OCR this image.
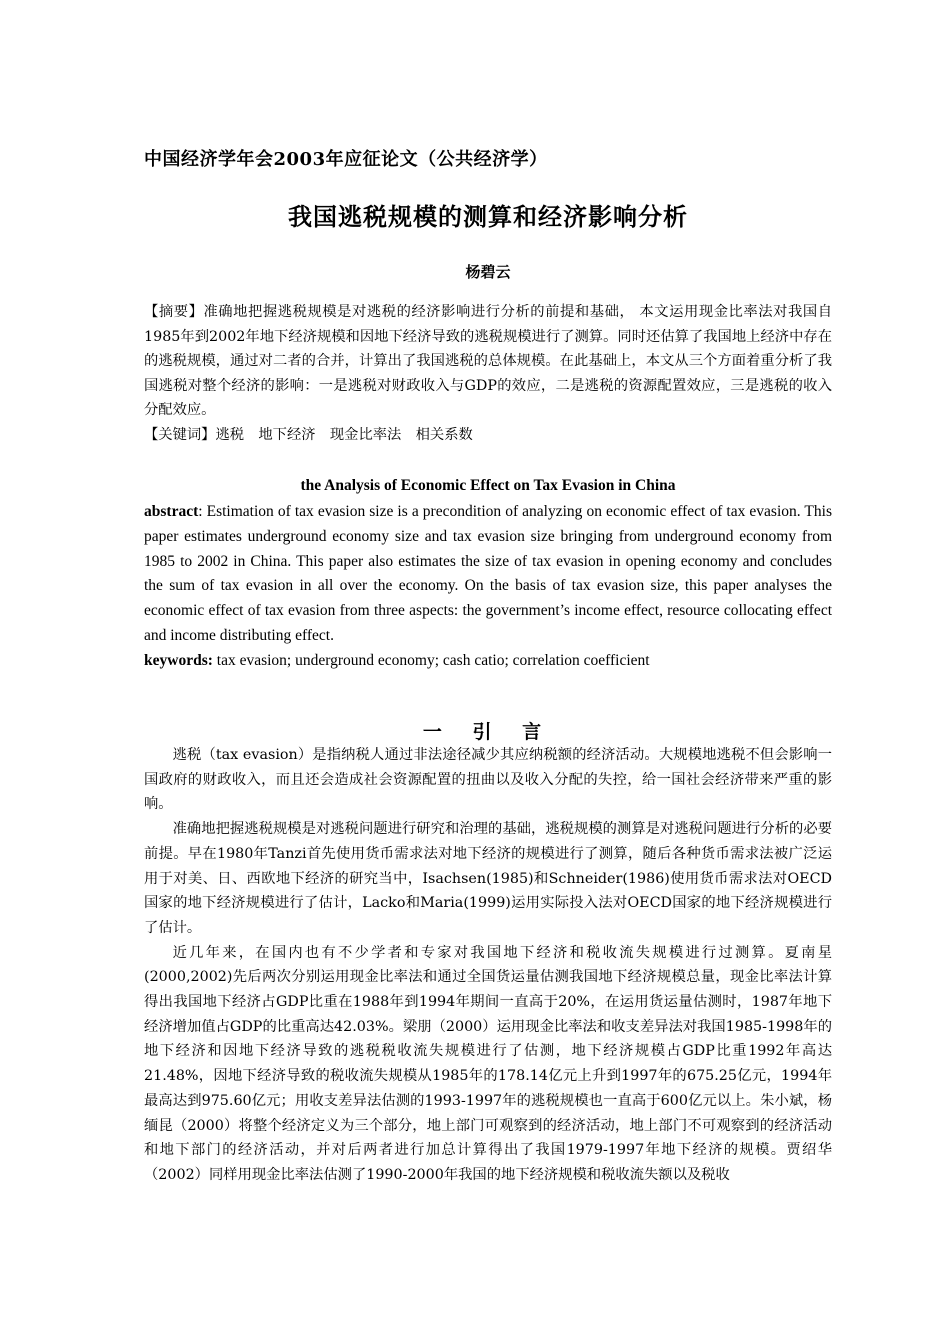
中国经济学年会2003年应征论文（公共经济学）
我国逃税规模的测算和经济影响分析
杨碧云

【摘要】准确地把握逃税规模是对逃税的经济影响进行分析的前提和基础， 本文运用现金比率法对我国自1985年到2002年地下经济规模和因地下经济导致的逃税规模进行了测算。同时还估算了我国地上经济中存在的逃税规模，通过对二者的合并，计算出了我国逃税的总体规模。在此基础上，本文从三个方面着重分析了我国逃税对整个经济的影响：一是逃税对财政收入与GDP的效应，二是逃税的资源配置效应，三是逃税的收入分配效应。

【关键词】逃税　地下经济　现金比率法　相关系数

the Analysis of Economic Effect on Tax Evasion in China

abstract: Estimation of tax evasion size is a precondition of analyzing on economic effect of tax evasion. This paper estimates underground economy size and tax evasion size bringing from underground economy from 1985 to 2002 in China. This paper also estimates the size of tax evasion in opening economy and concludes the sum of tax evasion in all over the economy. On the basis of tax evasion size, this paper analyses the economic effect of tax evasion from three aspects: the government’s income effect, resource collocating effect and income distributing effect.

keywords: tax evasion; underground economy; cash catio; correlation coefficient

一 引 言

逃税（tax evasion）是指纳税人通过非法途径减少其应纳税额的经济活动。大规模地逃税不但会影响一国政府的财政收入，而且还会造成社会资源配置的扭曲以及收入分配的失控，给一国社会经济带来严重的影响。

准确地把握逃税规模是对逃税问题进行研究和治理的基础，逃税规模的测算是对逃税问题进行分析的必要前提。早在1980年Tanzi首先使用货币需求法对地下经济的规模进行了测算，随后各种货币需求法被广泛运用于对美、日、西欧地下经济的研究当中，Isachsen(1985)和Schneider(1986)使用货币需求法对OECD国家的地下经济规模进行了估计，Lacko和Maria(1999)运用实际投入法对OECD国家的地下经济规模进行了估计。

近几年来，在国内也有不少学者和专家对我国地下经济和税收流失规模进行过测算。夏南星(2000,2002)先后两次分别运用现金比率法和通过全国货运量估测我国地下经济规模总量，现金比率法计算得出我国地下经济占GDP比重在1988年到1994年期间一直高于20%，在运用货运量估测时，1987年地下经济增加值占GDP的比重高达42.03%。梁朋（2000）运用现金比率法和收支差异法对我国1985-1998年的地下经济和因地下经济导致的逃税税收流失规模进行了估测，地下经济规模占GDP比重1992年高达21.48%，因地下经济导致的税收流失规模从1985年的178.14亿元上升到1997年的675.25亿元，1994年最高达到975.60亿元；用收支差异法估测的1993-1997年的逃税规模也一直高于600亿元以上。朱小斌，杨缅昆（2000）将整个经济定义为三个部分，地上部门可观察到的经济活动，地上部门不可观察到的经济活动和地下部门的经济活动，并对后两者进行加总计算得出了我国1979-1997年地下经济的规模。贾绍华（2002）同样用现金比率法估测了1990-2000年我国的地下经济规模和税收流失额以及税收
